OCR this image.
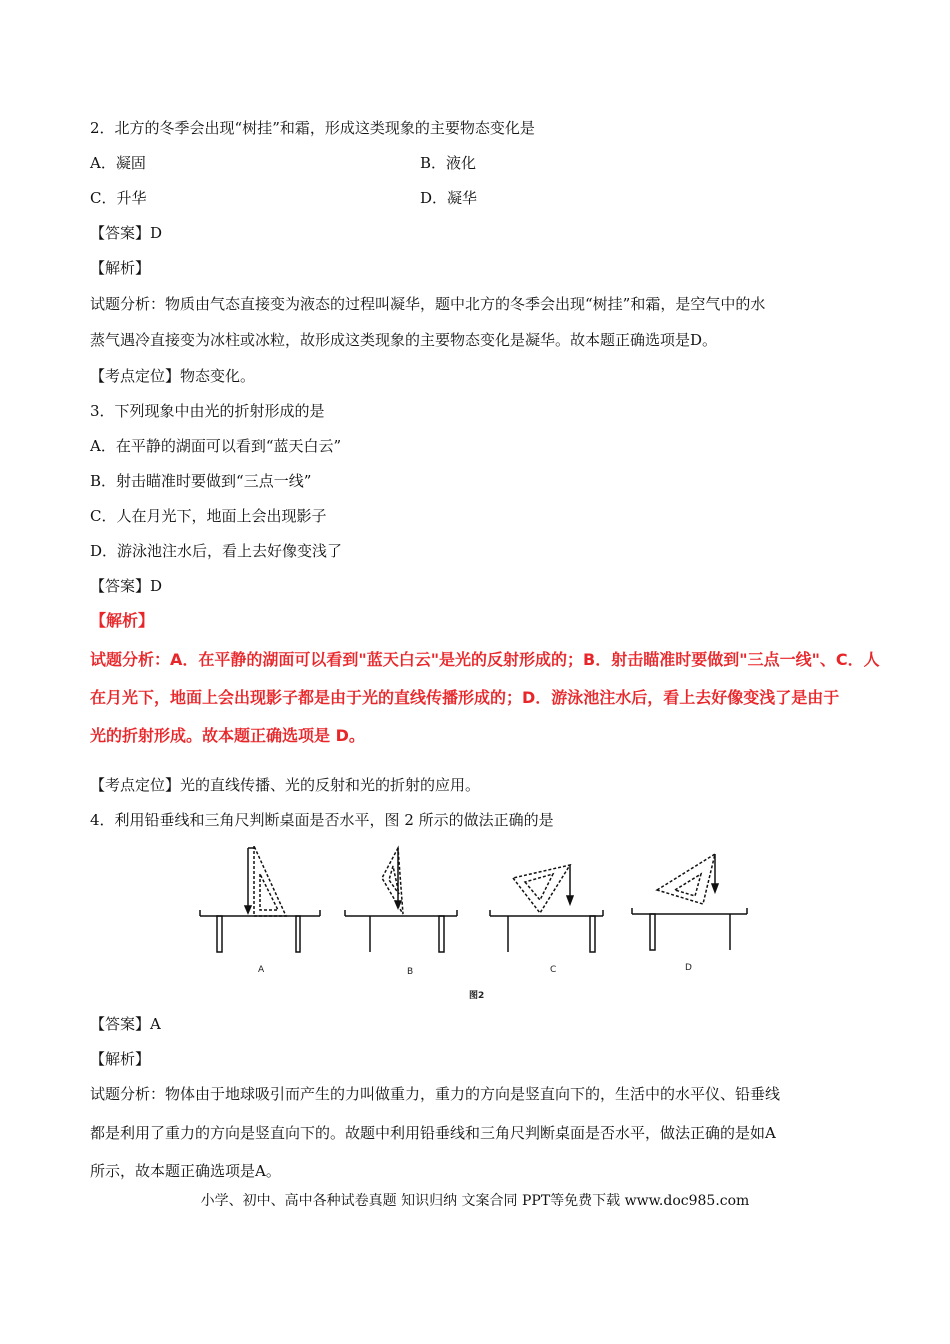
2．北方的冬季会出现“树挂”和霜，形成这类现象的主要物态变化是
A．凝固	B．液化
C．升华	D．凝华
【答案】D
【解析】
试题分析：物质由气态直接变为液态的过程叫凝华，题中北方的冬季会出现“树挂”和霜，是空气中的水
蒸气遇冷直接变为冰柱或冰粒，故形成这类现象的主要物态变化是凝华。故本题正确选项是D。
【考点定位】物态变化。
3．下列现象中由光的折射形成的是
A．在平静的湖面可以看到“蓝天白云”
B．射击瞄准时要做到“三点一线”
C．人在月光下，地面上会出现影子
D．游泳池注水后，看上去好像变浅了
【答案】D
【解析】
试题分析：A．在平静的湖面可以看到"蓝天白云"是光的反射形成的；B．射击瞄准时要做到"三点一线"、C．人
在月光下，地面上会出现影子都是由于光的直线传播形成的；D．游泳池注水后，看上去好像变浅了是由于
光的折射形成。故本题正确选项是 D。
【考点定位】光的直线传播、光的反射和光的折射的应用。
4．利用铅垂线和三角尺判断桌面是否水平，图 2 所示的做法正确的是
A	B	C	D
图2
【答案】A
【解析】
试题分析：物体由于地球吸引而产生的力叫做重力，重力的方向是竖直向下的，生活中的水平仪、铅垂线
都是利用了重力的方向是竖直向下的。故题中利用铅垂线和三角尺判断桌面是否水平，做法正确的是如A
所示，故本题正确选项是A。
小学、初中、高中各种试卷真题 知识归纳 文案合同 PPT等免费下载 www.doc985.com
